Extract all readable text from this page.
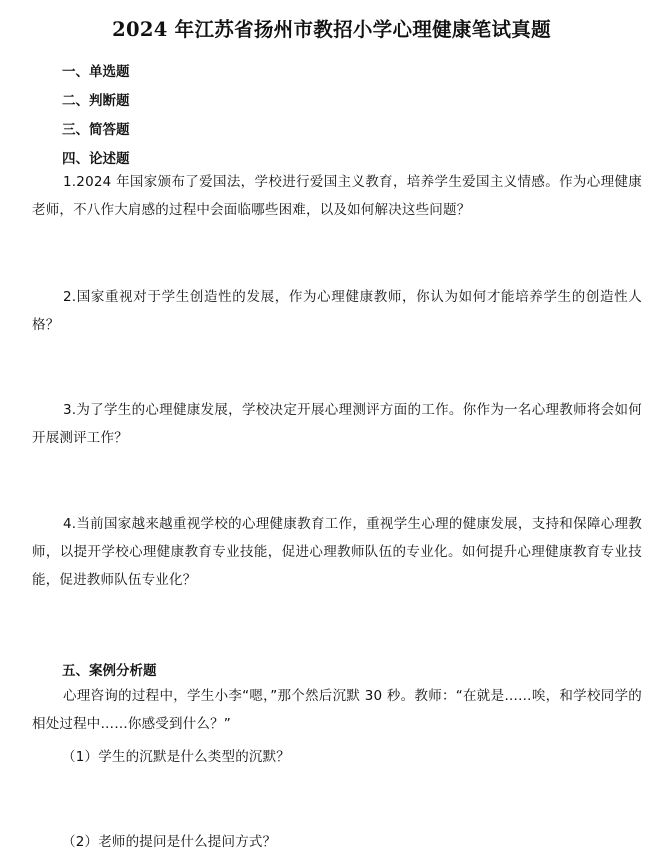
2024 年江苏省扬州市教招小学心理健康笔试真题
一、单选题
二、判断题
三、简答题
四、论述题
1.2024 年国家颁布了爱国法，学校进行爱国主义教育，培养学生爱国主义情感。作为心理健康老师，不八作大肩感的过程中会面临哪些困难，以及如何解决这些问题？
2.国家重视对于学生创造性的发展，作为心理健康教师，你认为如何才能培养学生的创造性人格？
3.为了学生的心理健康发展，学校决定开展心理测评方面的工作。你作为一名心理教师将会如何开展测评工作？
4.当前国家越来越重视学校的心理健康教育工作，重视学生心理的健康发展，支持和保障心理教师，以提开学校心理健康教育专业技能，促进心理教师队伍的专业化。如何提升心理健康教育专业技能，促进教师队伍专业化？
五、案例分析题
心理咨询的过程中，学生小李“嗯，”那个然后沉默 30 秒。教师：“在就是……唉，和学校同学的相处过程中……你感受到什么？”
（1）学生的沉默是什么类型的沉默？
（2）老师的提问是什么提问方式？
